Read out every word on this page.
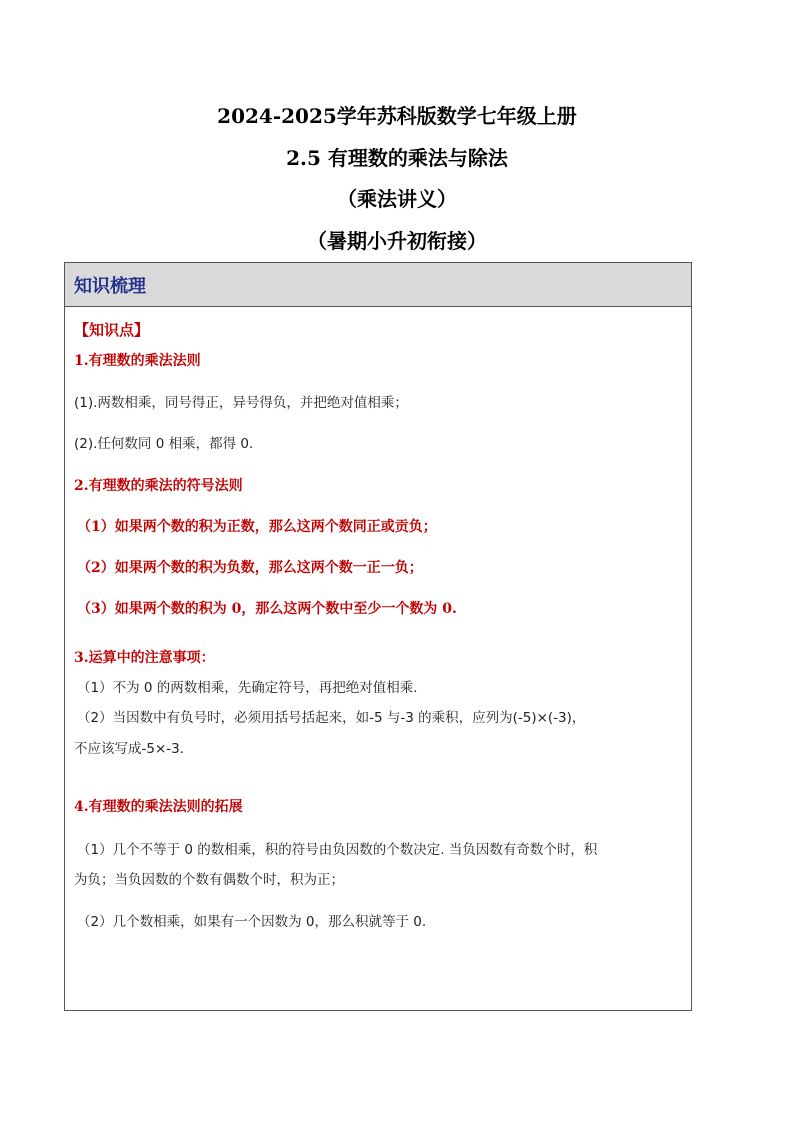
2024-2025学年苏科版数学七年级上册
2.5 有理数的乘法与除法
（乘法讲义）
（暑期小升初衔接）
知识梳理
【知识点】
1.有理数的乘法法则
(1).两数相乘，同号得正，异号得负，并把绝对值相乘；
(2).任何数同 0 相乘，都得 0.
2.有理数的乘法的符号法则
（1）如果两个数的积为正数，那么这两个数同正或贡负；
（2）如果两个数的积为负数，那么这两个数一正一负；
（3）如果两个数的积为 0，那么这两个数中至少一个数为 0.
3.运算中的注意事项：
（1）不为 0 的两数相乘，先确定符号，再把绝对值相乘.
（2）当因数中有负号时，必须用括号括起来，如-5 与-3 的乘积，应列为(-5)×(-3)，
不应该写成-5×-3.
4.有理数的乘法法则的拓展
（1）几个不等于 0 的数相乘，积的符号由负因数的个数决定. 当负因数有奇数个时，积
为负；当负因数的个数有偶数个时，积为正；
（2）几个数相乘，如果有一个因数为 0，那么积就等于 0.
